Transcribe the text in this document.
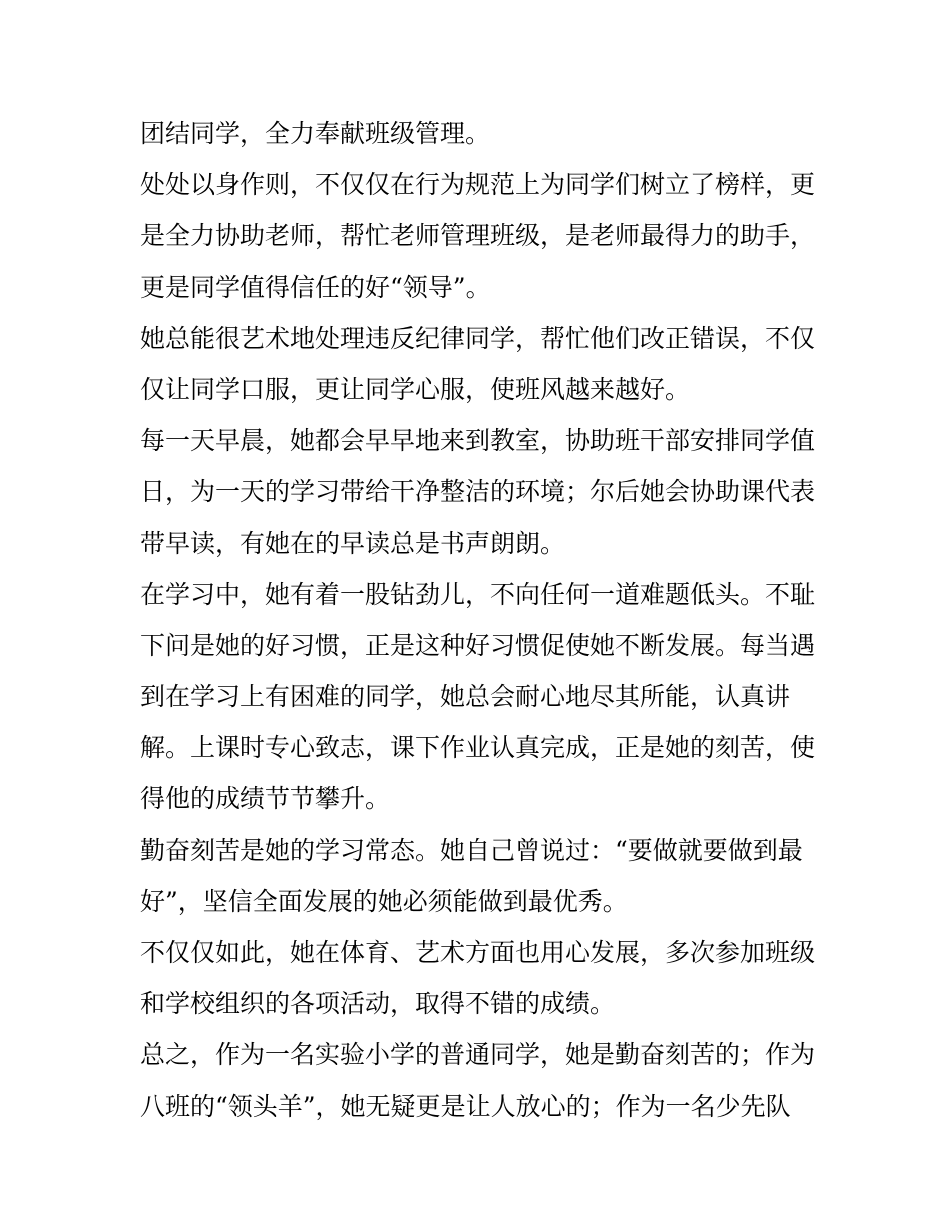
团结同学，全力奉献班级管理。
处处以身作则，不仅仅在行为规范上为同学们树立了榜样，更
是全力协助老师，帮忙老师管理班级，是老师最得力的助手，
更是同学值得信任的好“领导”。
她总能很艺术地处理违反纪律同学，帮忙他们改正错误，不仅
仅让同学口服，更让同学心服，使班风越来越好。
每一天早晨，她都会早早地来到教室，协助班干部安排同学值
日，为一天的学习带给干净整洁的环境；尔后她会协助课代表
带早读，有她在的早读总是书声朗朗。
在学习中，她有着一股钻劲儿，不向任何一道难题低头。不耻
下问是她的好习惯，正是这种好习惯促使她不断发展。每当遇
到在学习上有困难的同学，她总会耐心地尽其所能，认真讲
解。上课时专心致志，课下作业认真完成，正是她的刻苦，使
得他的成绩节节攀升。
勤奋刻苦是她的学习常态。她自己曾说过：“要做就要做到最
好”，坚信全面发展的她必须能做到最优秀。
不仅仅如此，她在体育、艺术方面也用心发展，多次参加班级
和学校组织的各项活动，取得不错的成绩。
总之，作为一名实验小学的普通同学，她是勤奋刻苦的；作为
八班的“领头羊”，她无疑更是让人放心的；作为一名少先队
